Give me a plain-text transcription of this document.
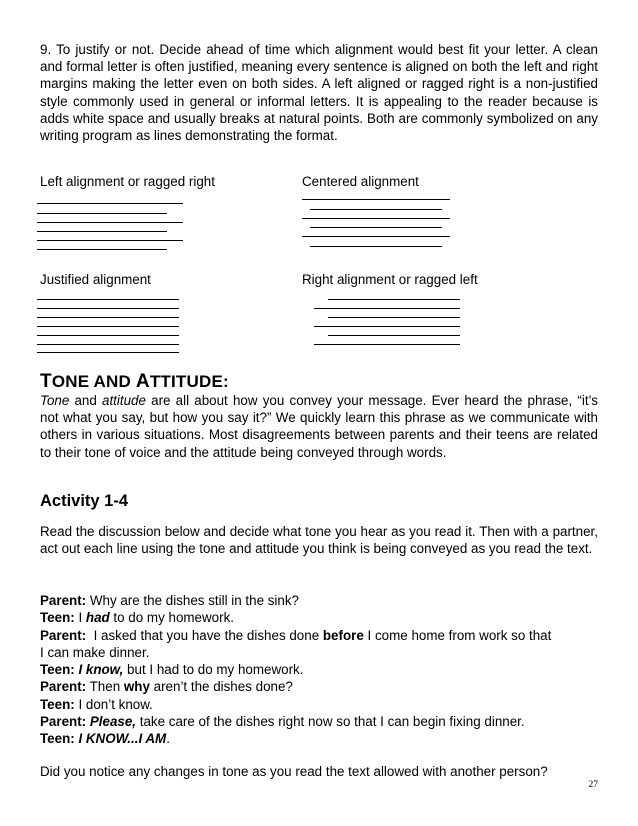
9. To justify or not. Decide ahead of time which alignment would best fit your letter. A clean and formal letter is often justified, meaning every sentence is aligned on both the left and right margins making the letter even on both sides. A left aligned or ragged right is a non-justified style commonly used in general or informal letters. It is appealing to the reader because is adds white space and usually breaks at natural points. Both are commonly symbolized on any writing program as lines demonstrating the format.

Left alignment or ragged right	Centered alignment
Justified alignment	Right alignment or ragged left
TONE AND ATTITUDE:

Tone and attitude are all about how you convey your message. Ever heard the phrase, “it’s not what you say, but how you say it?” We quickly learn this phrase as we communicate with others in various situations. Most disagreements between parents and their teens are related to their tone of voice and the attitude being conveyed through words.

Activity 1-4

Read the discussion below and decide what tone you hear as you read it. Then with a partner, act out each line using the tone and attitude you think is being conveyed as you read the text.

Parent: Why are the dishes still in the sink?
Teen: I had to do my homework.
Parent:  I asked that you have the dishes done before I come home from work so that
I can make dinner.
Teen: I know, but I had to do my homework.
Parent: Then why aren’t the dishes done?
Teen: I don’t know.
Parent: Please, take care of the dishes right now so that I can begin fixing dinner.
Teen: I KNOW...I AM.
Did you notice any changes in tone as you read the text allowed with another person?
27
